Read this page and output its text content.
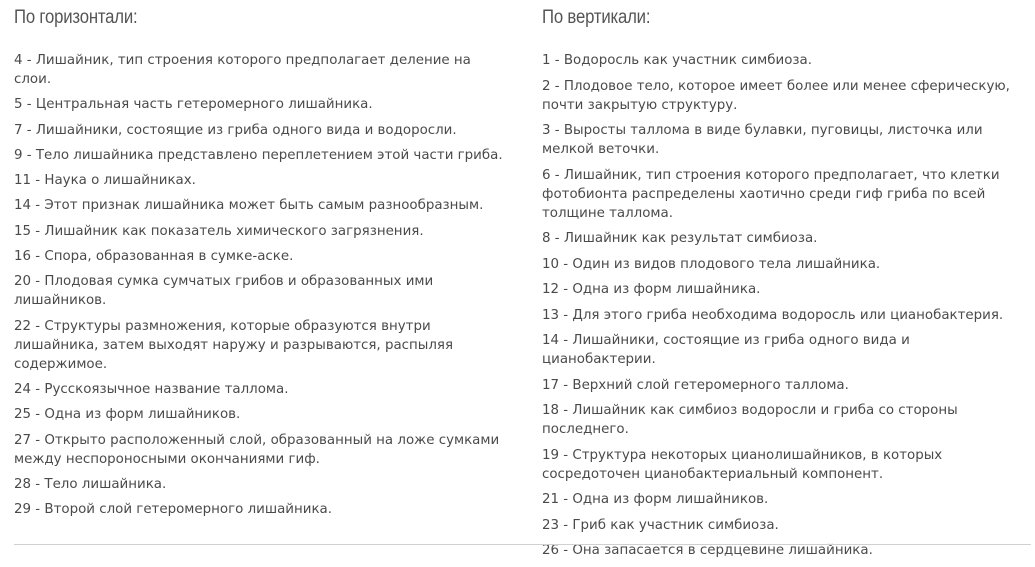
По горизонтали:
4 - Лишайник, тип строения которого предполагает деление на слои.
5 - Центральная часть гетеромерного лишайника.
7 - Лишайники, состоящие из гриба одного вида и водоросли.
9 - Тело лишайника представлено переплетением этой части гриба.
11 - Наука о лишайниках.
14 - Этот признак лишайника может быть самым разнообразным.
15 - Лишайник как показатель химического загрязнения.
16 - Спора, образованная в сумке-аске.
20 - Плодовая сумка сумчатых грибов и образованных ими лишайников.
22 - Структуры размножения, которые образуются внутри лишайника, затем выходят наружу и разрываются, распыляя содержимое.
24 - Русскоязычное название таллома.
25 - Одна из форм лишайников.
27 - Открыто расположенный слой, образованный на ложе сумками между неспороносными окончаниями гиф.
28 - Тело лишайника.
29 - Второй слой гетеромерного лишайника.
По вертикали:
1 - Водоросль как участник симбиоза.
2 - Плодовое тело, которое имеет более или менее сферическую, почти закрытую структуру.
3 - Выросты таллома в виде булавки, пуговицы, листочка или мелкой веточки.
6 - Лишайник, тип строения которого предполагает, что клетки фотобионта распределены хаотично среди гиф гриба по всей толщине таллома.
8 - Лишайник как результат симбиоза.
10 - Один из видов плодового тела лишайника.
12 - Одна из форм лишайника.
13 - Для этого гриба необходима водоросль или цианобактерия.
14 - Лишайники, состоящие из гриба одного вида и цианобактерии.
17 - Верхний слой гетеромерного таллома.
18 - Лишайник как симбиоз водоросли и гриба со стороны последнего.
19 - Структура некоторых цианолишайников, в которых сосредоточен цианобактериальный компонент.
21 - Одна из форм лишайников.
23 - Гриб как участник симбиоза.
26 - Она запасается в сердцевине лишайника.
